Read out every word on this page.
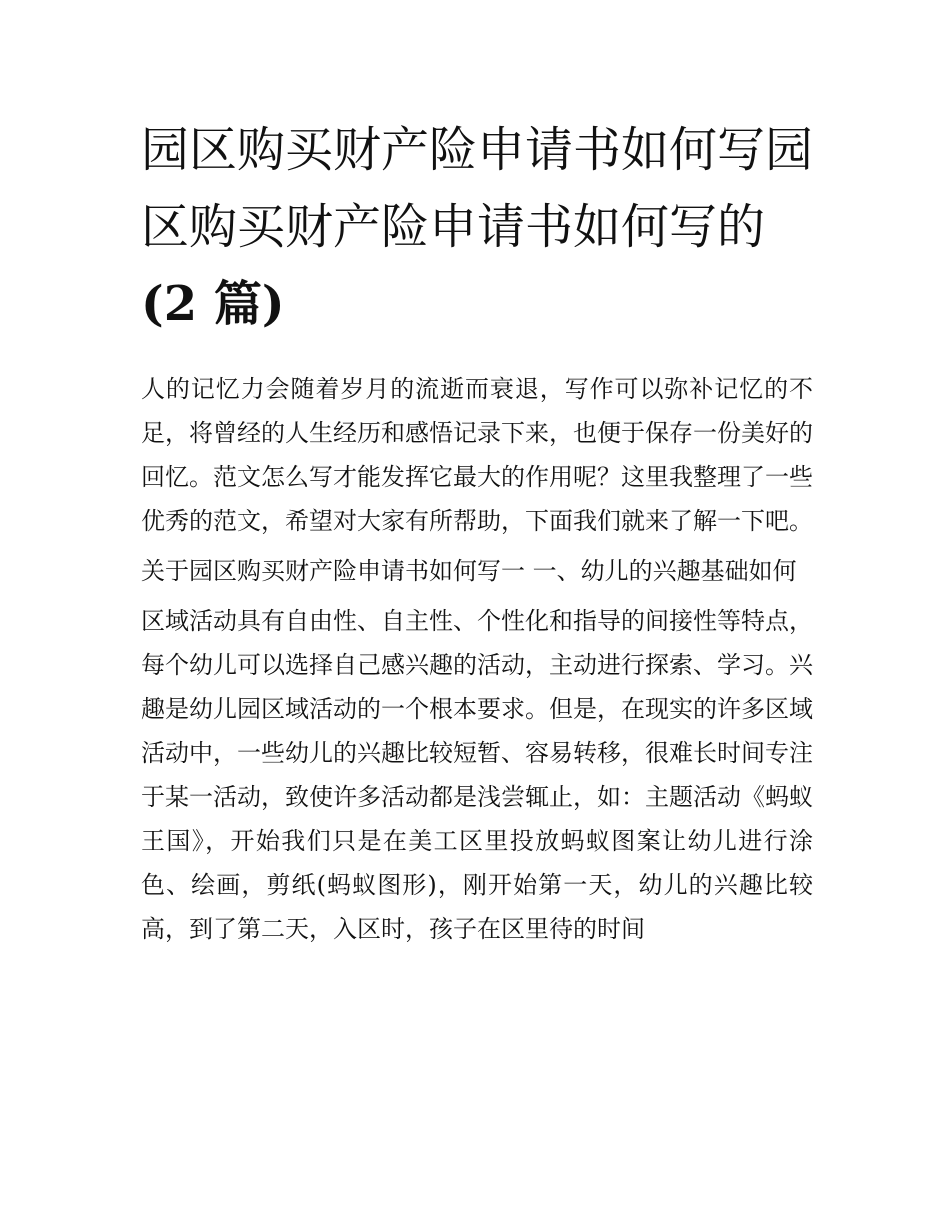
园区购买财产险申请书如何写园区购买财产险申请书如何写的(2 篇)

人的记忆力会随着岁月的流逝而衰退，写作可以弥补记忆的不足，将曾经的人生经历和感悟记录下来，也便于保存一份美好的回忆。范文怎么写才能发挥它最大的作用呢？这里我整理了一些优秀的范文，希望对大家有所帮助，下面我们就来了解一下吧。

关于园区购买财产险申请书如何写一 一、幼儿的兴趣基础如何

区域活动具有自由性、自主性、个性化和指导的间接性等特点，每个幼儿可以选择自己感兴趣的活动，主动进行探索、学习。兴趣是幼儿园区域活动的一个根本要求。但是，在现实的许多区域活动中，一些幼儿的兴趣比较短暂、容易转移，很难长时间专注于某一活动，致使许多活动都是浅尝辄止，如：主题活动《蚂蚁王国》，开始我们只是在美工区里投放蚂蚁图案让幼儿进行涂色、绘画，剪纸(蚂蚁图形)，刚开始第一天，幼儿的兴趣比较高，到了第二天，入区时，孩子在区里待的时间
